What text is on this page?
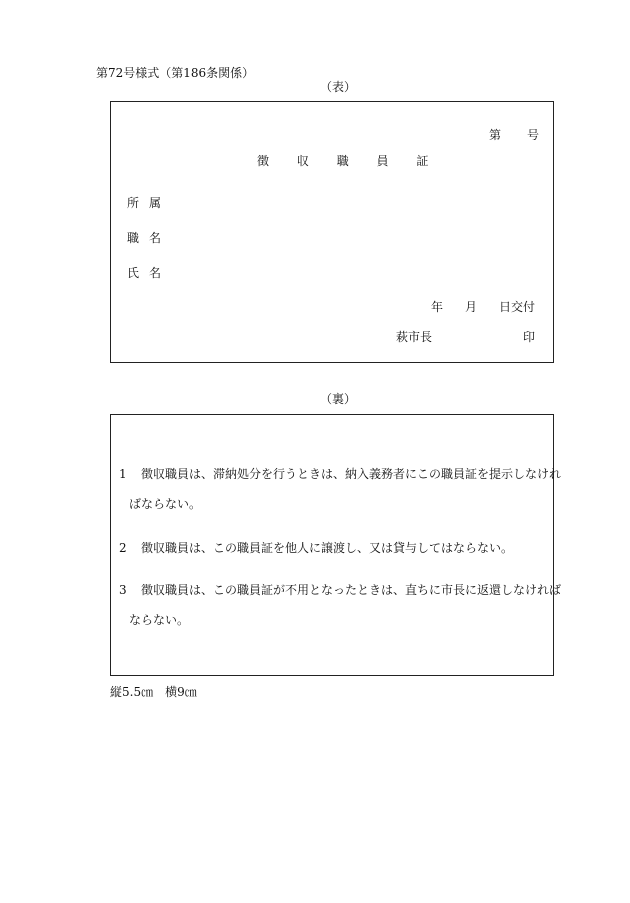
第72号様式（第186条関係）
（表）
第 号
徴 収 職 員 証
所 属
職 名
氏 名
年 月 日交付
萩市長	印
（裏）
1 徴収職員は、滞納処分を行うときは、納入義務者にこの職員証を提示しなけれ
ばならない。
2 徴収職員は、この職員証を他人に譲渡し、又は貸与してはならない。
3 徴収職員は、この職員証が不用となったときは、直ちに市長に返還しなければ
ならない。
縦5.5㎝　横9㎝
